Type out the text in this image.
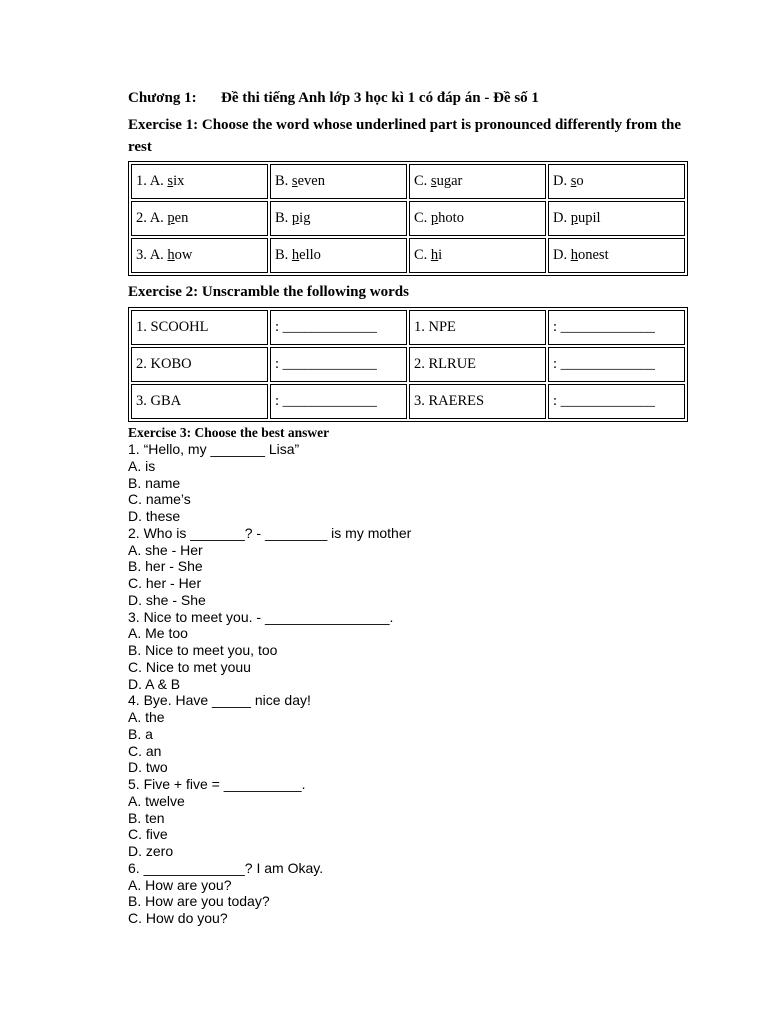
Chương 1: Đề thi tiếng Anh lớp 3 học kì 1 có đáp án - Đề số 1
Exercise 1: Choose the word whose underlined part is pronounced differently from the rest
1. A. six	B. seven	C. sugar	D. so
2. A. pen	B. pig	C. photo	D. pupil
3. A. how	B. hello	C. hi	D. honest
Exercise 2: Unscramble the following words
1. SCOOHL	: _____________	1. NPE	: _____________
2. KOBO	: _____________	2. RLRUE	: _____________
3. GBA	: _____________	3. RAERES	: _____________
Exercise 3: Choose the best answer
1. “Hello, my _______ Lisa”
A. is
B. name
C. name’s
D. these
2. Who is _______? - ________ is my mother
A. she - Her
B. her - She
C. her - Her
D. she - She
3. Nice to meet you. - ________________.
A. Me too
B. Nice to meet you, too
C. Nice to met youu
D. A & B
4. Bye. Have _____ nice day!
A. the
B. a
C. an
D. two
5. Five + five = __________.
A. twelve
B. ten
C. five
D. zero
6. _____________? I am Okay.
A. How are you?
B. How are you today?
C. How do you?
